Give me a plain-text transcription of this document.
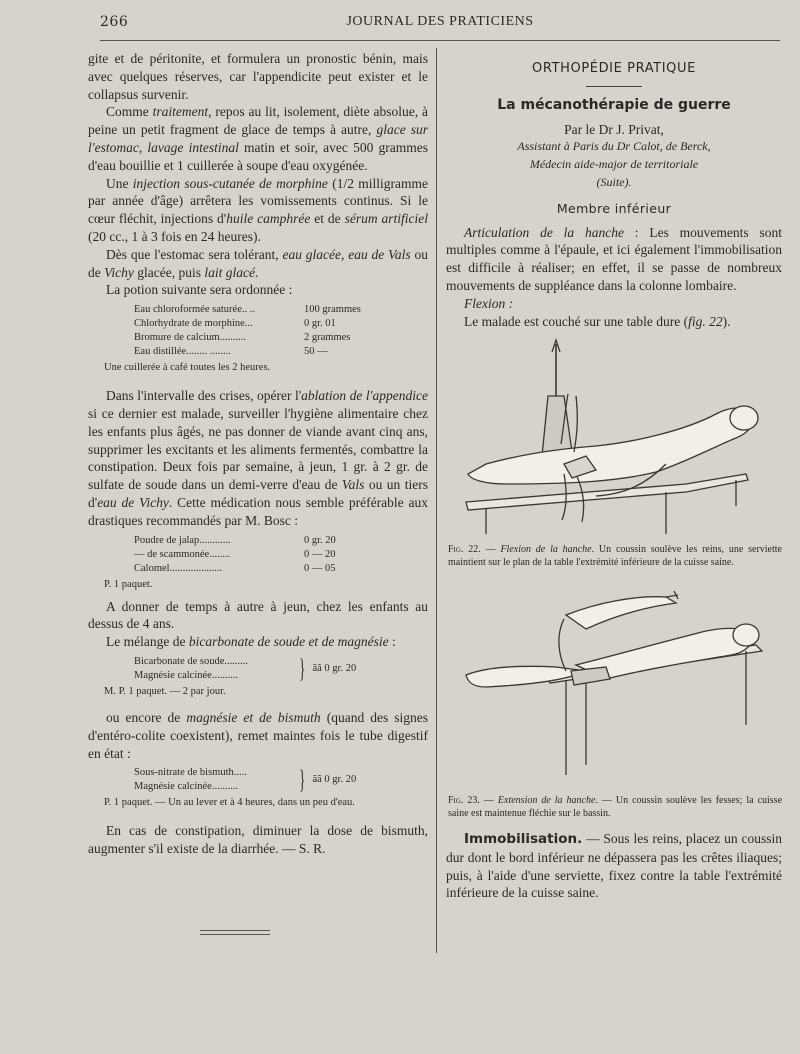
266	JOURNAL DES PRATICIENS

gite et de péritonite, et formulera un pronostic bénin, mais avec quelques réserves, car l'appendicite peut exister et le collapsus survenir.

Comme traitement, repos au lit, isolement, diète absolue, à peine un petit fragment de glace de temps à autre, glace sur l'estomac, lavage intestinal matin et soir, avec 500 grammes d'eau bouillie et 1 cuillerée à soupe d'eau oxygénée.

Une injection sous-cutanée de morphine (1/2 milligramme par année d'âge) arrêtera les vomissements continus. Si le cœur fléchit, injections d'huile camphrée et de sérum artificiel (20 cc., 1 à 3 fois en 24 heures).

Dès que l'estomac sera tolérant, eau glacée, eau de Vals ou de Vichy glacée, puis lait glacé.

La potion suivante sera ordonnée :

Eau chloroformée saturée.. ..	100 grammes
Chlorhydrate de morphine...	0 gr. 01
Bromure de calcium..........	2 grammes
Eau distillée........ ........	50 —

Une cuillerée à café toutes les 2 heures.

Dans l'intervalle des crises, opérer l'ablation de l'appendice si ce dernier est malade, surveiller l'hygiène alimentaire chez les enfants plus âgés, ne pas donner de viande avant cinq ans, supprimer les excitants et les aliments fermentés, combattre la constipation. Deux fois par semaine, à jeun, 1 gr. à 2 gr. de sulfate de soude dans un demi-verre d'eau de Vals ou un tiers d'eau de Vichy. Cette médication nous semble préférable aux drastiques recommandés par M. Bosc :

Poudre de jalap............	0 gr. 20
— de scammonée........	0 — 20
Calomel....................	0 — 05

P. 1 paquet.

A donner de temps à autre à jeun, chez les enfants au dessus de 4 ans.

Le mélange de bicarbonate de soude et de magnésie :

Bicarbonate de soude.........
Magnésie calcinée..........	} ãã 0 gr. 20

M. P. 1 paquet. — 2 par jour.

ou encore de magnésie et de bismuth (quand des signes d'entéro-colite coexistent), remet maintes fois le tube digestif en état :

Sous-nitrate de bismuth.....
Magnésie calcinée..........	} ãã 0 gr. 20

P. 1 paquet. — Un au lever et à 4 heures, dans un peu d'eau.

En cas de constipation, diminuer la dose de bismuth, augmenter s'il existe de la diarrhée. — S. R.

ORTHOPÉDIE PRATIQUE
La mécanothérapie de guerre
Par le Dr J. Privat,
Assistant à Paris du Dr Calot, de Berck,
Médecin aide-major de territoriale
(Suite).
Membre inférieur

Articulation de la hanche : Les mouvements sont multiples comme à l'épaule, et ici également l'immobilisation est difficile à réaliser; en effet, il se passe de nombreux mouvements de suppléance dans la colonne lombaire.

Flexion :

Le malade est couché sur une table dure (fig. 22).

Fig. 22. — Flexion de la hanche. Un coussin soulève les reins, une serviette maintient sur le plan de la table l'extrémité inférieure de la cuisse saine.

Fig. 23. — Extension de la hanche. — Un coussin soulève les fesses; la cuisse saine est maintenue fléchie sur le bassin.

Immobilisation. — Sous les reins, placez un coussin dur dont le bord inférieur ne dépassera pas les crêtes iliaques; puis, à l'aide d'une serviette, fixez contre la table l'extrémité inférieure de la cuisse saine.
